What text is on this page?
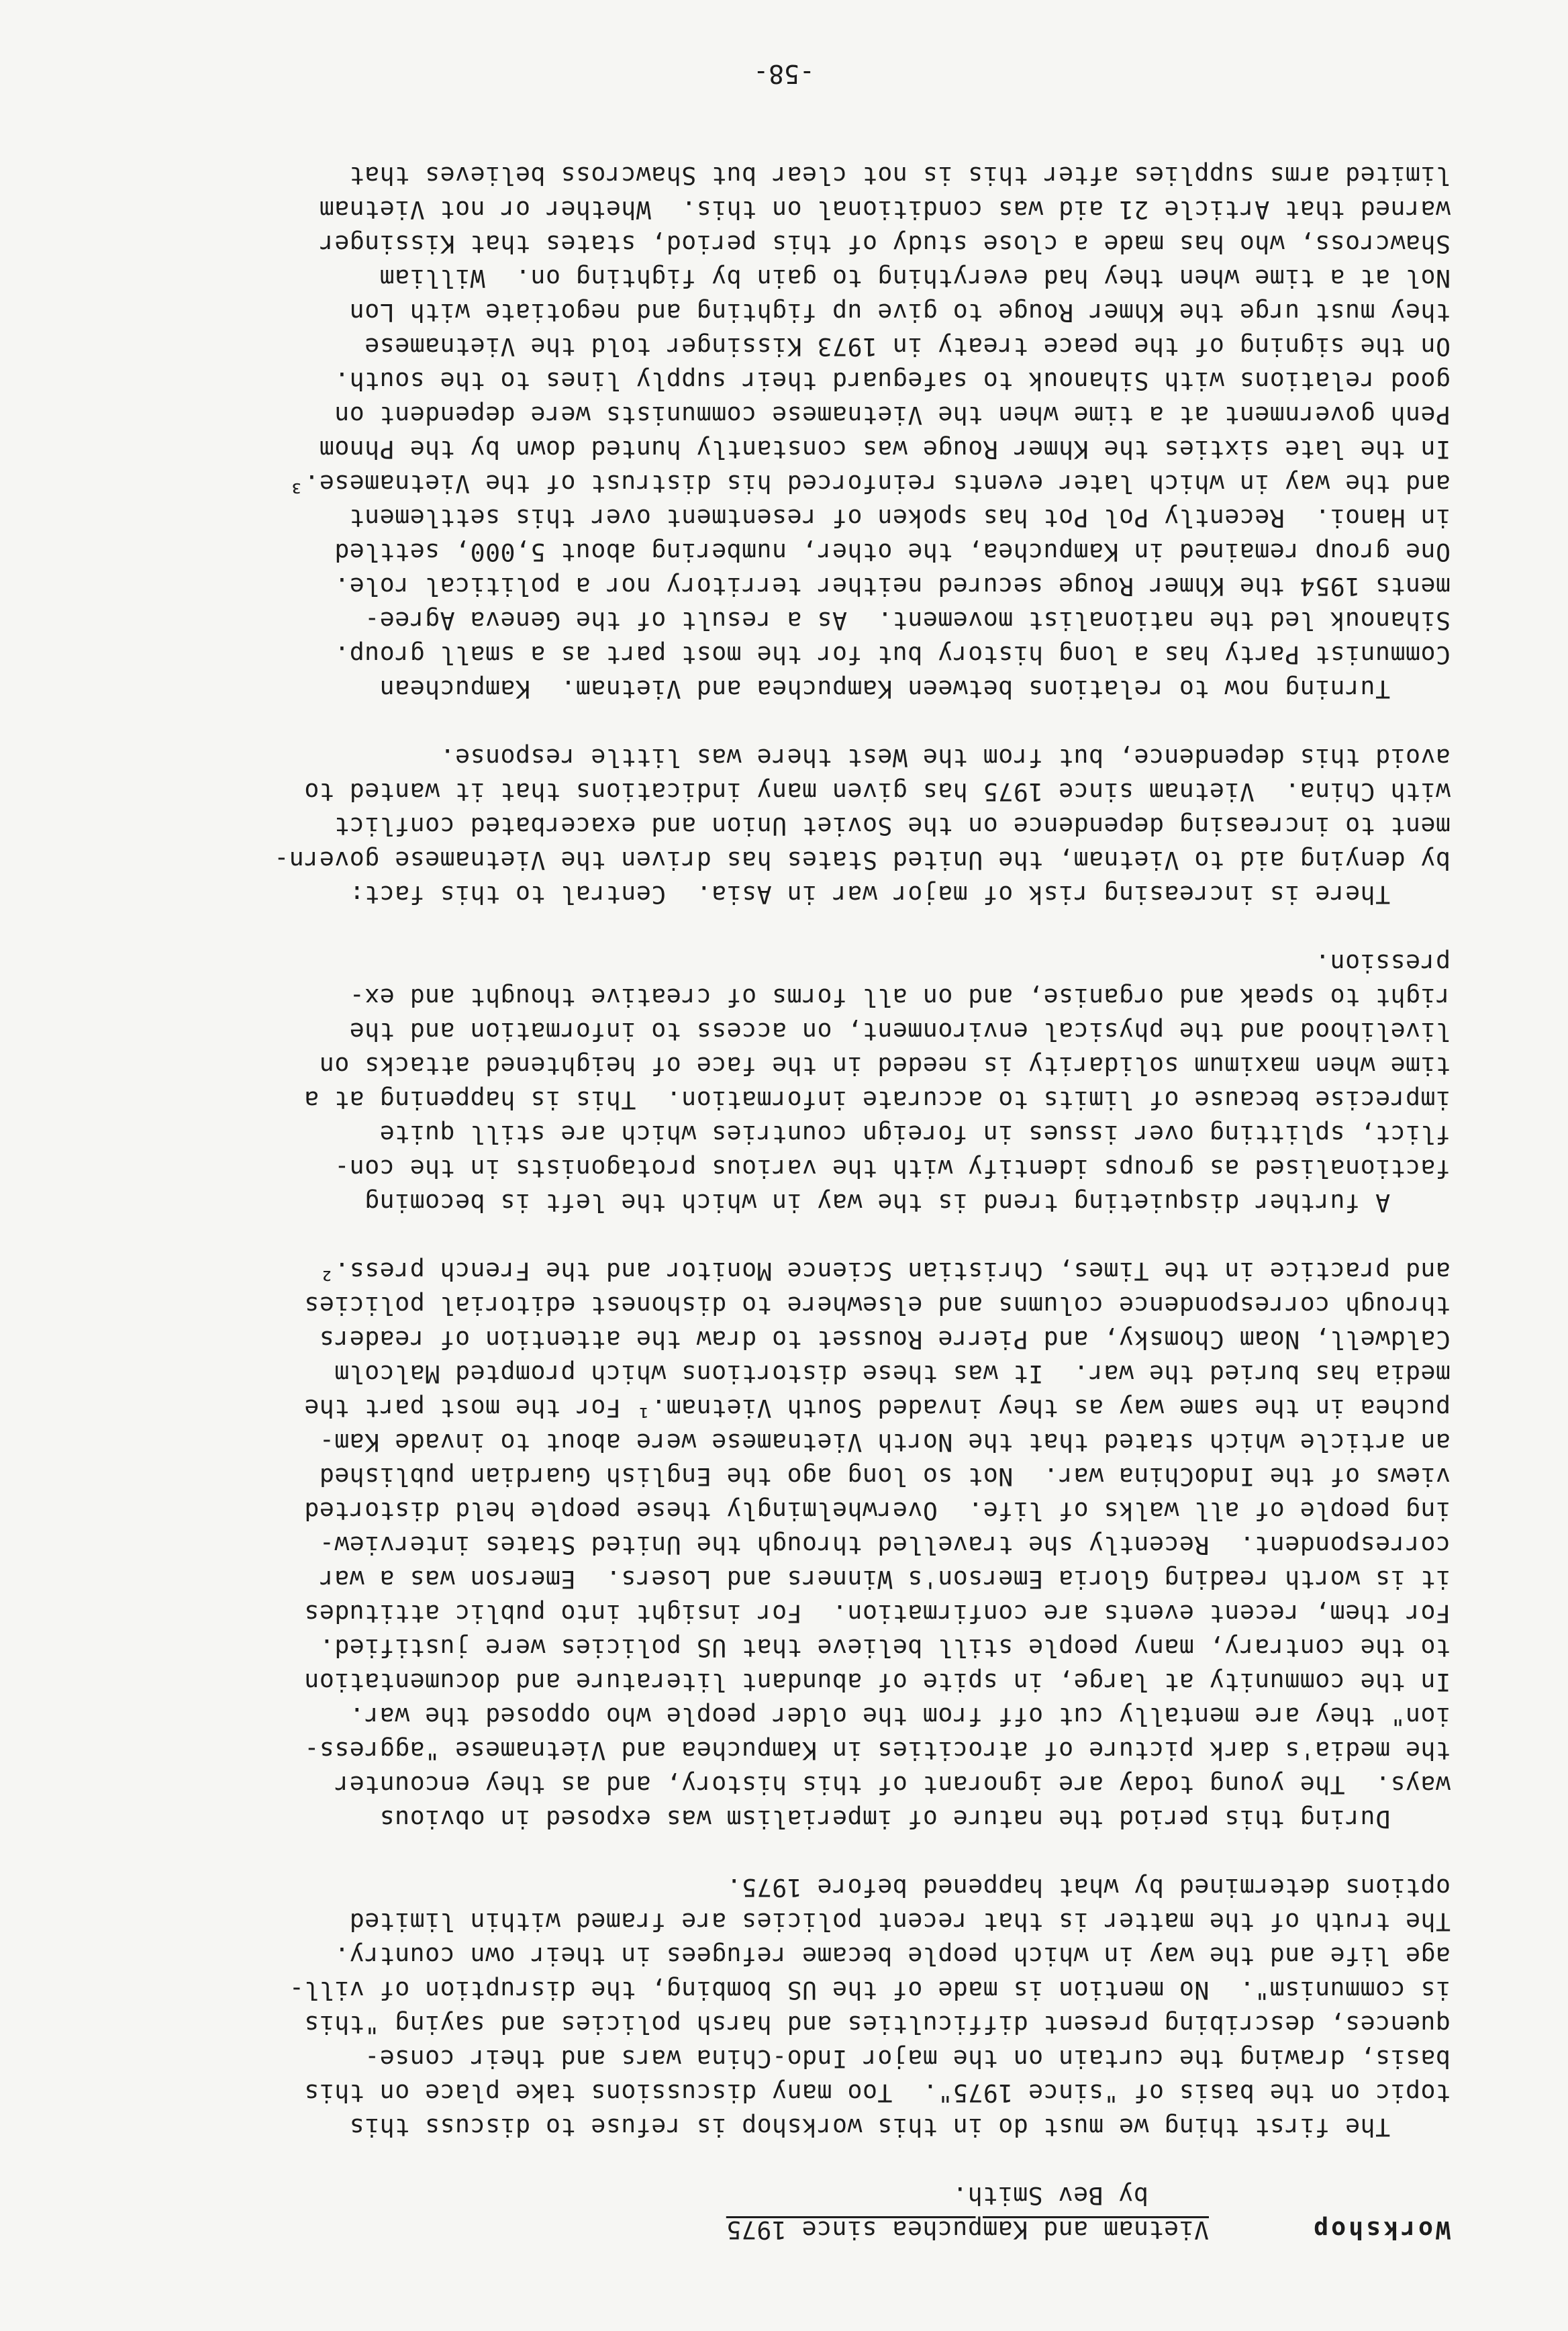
Workshop
Vietnam and Kampuchea since 1975
by Bev Smith.
The first thing we must do in this workshop is refuse to discuss this
topic on the basis of "since 1975".  Too many discussions take place on this
basis, drawing the curtain on the major Indo-China wars and their conse-
quences, describing present difficulties and harsh policies and saying "this
is communism".  No mention is made of the US bombing, the disruption of vill-
age life and the way in which people became refugees in their own country.
The truth of the matter is that recent policies are framed within limited
options determined by what happened before 1975.
During this period the nature of imperialism was exposed in obvious
ways.  The young today are ignorant of this history, and as they encounter
the media's dark picture of atrocities in Kampuchea and Vietnamese "aggress-
ion" they are mentally cut off from the older people who opposed the war.
In the community at large, in spite of abundant literature and documentation
to the contrary, many people still believe that US policies were justified.
For them, recent events are confirmation.  For insight into public attitudes
it is worth reading Gloria Emerson's Winners and Losers.  Emerson was a war
correspondent.  Recently she travelled through the United States interview-
ing people of all walks of life.  Overwhelmingly these people held distorted
views of the IndoChina war.  Not so long ago the English Guardian published
an article which stated that the North Vietnamese were about to invade Kam-
puchea in the same way as they invaded South Vietnam.¹ For the most part the
media has buried the war.  It was these distortions which prompted Malcolm
Caldwell, Noam Chomsky, and Pierre Rousset to draw the attention of readers
through correspondence columns and elsewhere to dishonest editorial policies
and practice in the Times, Christian Science Monitor and the French press.²
A further disquieting trend is the way in which the left is becoming
factionalised as groups identify with the various protagonists in the con-
flict, splitting over issues in foreign countries which are still quite
imprecise because of limits to accurate information.  This is happening at a
time when maximum solidarity is needed in the face of heightened attacks on
livelihood and the physical environment, on access to information and the
right to speak and organise, and on all forms of creative thought and ex-
pression.
There is increasing risk of major war in Asia.  Central to this fact:
by denying aid to Vietnam, the United States has driven the Vietnamese govern-
ment to increasing dependence on the Soviet Union and exacerbated conflict
with China.  Vietnam since 1975 has given many indications that it wanted to
avoid this dependence, but from the West there was little response.
Turning now to relations between Kampuchea and Vietnam.  Kampuchean
Communist Party has a long history but for the most part as a small group.
Sihanouk led the nationalist movement.  As a result of the Geneva Agree-
ments 1954 the Khmer Rouge secured neither territory nor a political role.
One group remained in Kampuchea, the other, numbering about 5,000, settled
in Hanoi.  Recently Pol Pot has spoken of resentment over this settlement
and the way in which later events reinforced his distrust of the Vietnamese.³
In the late sixties the Khmer Rouge was constantly hunted down by the Phnom
Penh government at a time when the Vietnamese communists were dependent on
good relations with Sihanouk to safeguard their supply lines to the south.
On the signing of the peace treaty in 1973 Kissinger told the Vietnamese
they must urge the Khmer Rouge to give up fighting and negotiate with Lon
Nol at a time when they had everything to gain by fighting on.  William
Shawcross, who has made a close study of this period, states that Kissinger
warned that Article 21 aid was conditional on this.  Whether or not Vietnam
limited arms supplies after this is not clear but Shawcross believes that
-58-
